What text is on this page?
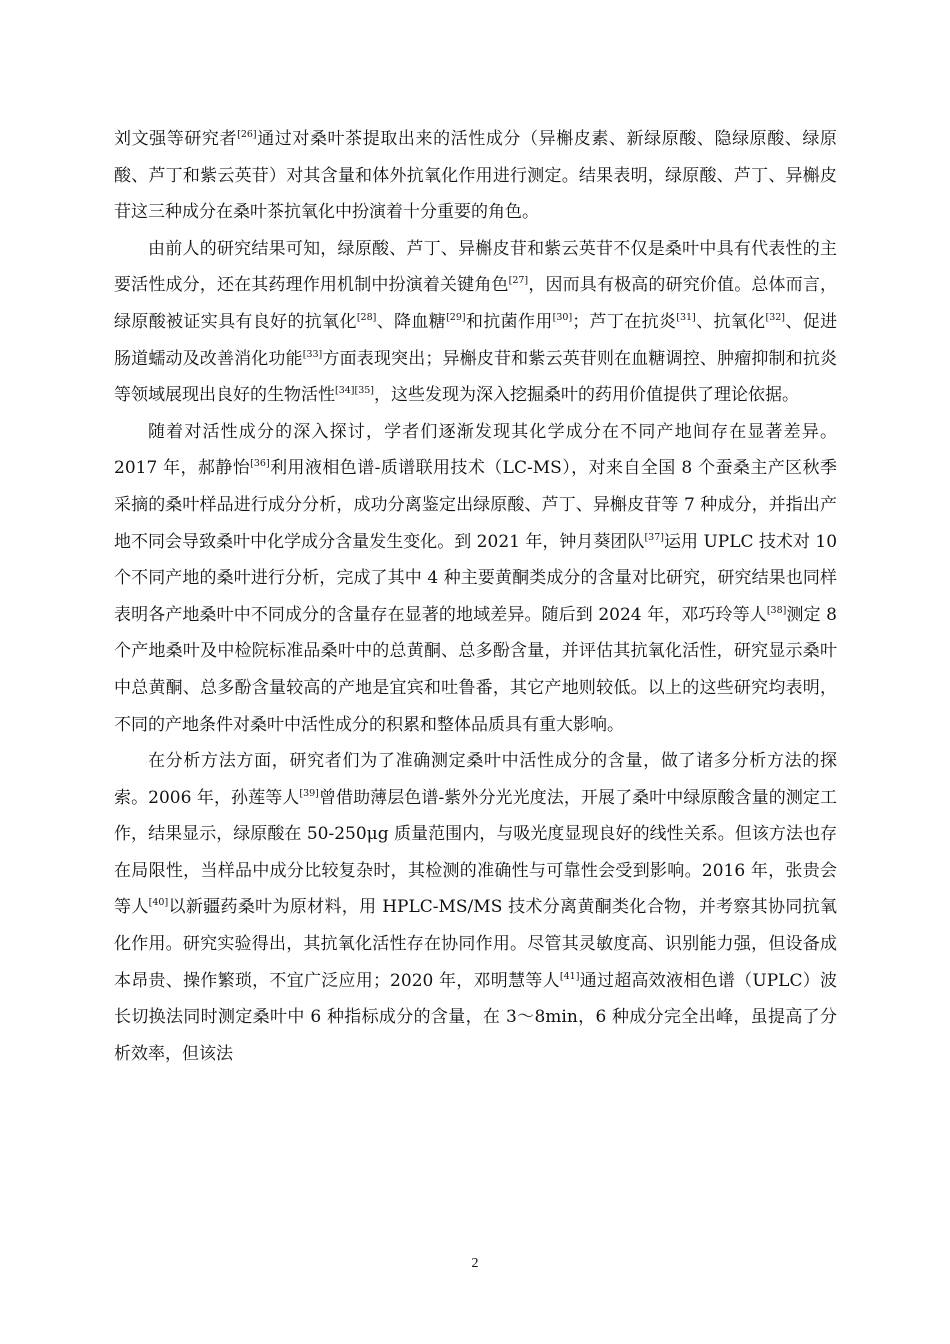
刘文强等研究者[26]通过对桑叶茶提取出来的活性成分（异槲皮素、新绿原酸、隐绿原酸、绿原酸、芦丁和紫云英苷）对其含量和体外抗氧化作用进行测定。结果表明，绿原酸、芦丁、异槲皮苷这三种成分在桑叶茶抗氧化中扮演着十分重要的角色。

由前人的研究结果可知，绿原酸、芦丁、异槲皮苷和紫云英苷不仅是桑叶中具有代表性的主要活性成分，还在其药理作用机制中扮演着关键角色[27]，因而具有极高的研究价值。总体而言，绿原酸被证实具有良好的抗氧化[28]、降血糖[29]和抗菌作用[30]；芦丁在抗炎[31]、抗氧化[32]、促进肠道蠕动及改善消化功能[33]方面表现突出；异槲皮苷和紫云英苷则在血糖调控、肿瘤抑制和抗炎等领域展现出良好的生物活性[34][35]，这些发现为深入挖掘桑叶的药用价值提供了理论依据。

随着对活性成分的深入探讨，学者们逐渐发现其化学成分在不同产地间存在显著差异。2017 年，郝静怡[36]利用液相色谱-质谱联用技术（LC-MS），对来自全国 8 个蚕桑主产区秋季采摘的桑叶样品进行成分分析，成功分离鉴定出绿原酸、芦丁、异槲皮苷等 7 种成分，并指出产地不同会导致桑叶中化学成分含量发生变化。到 2021 年，钟月葵团队[37]运用 UPLC 技术对 10 个不同产地的桑叶进行分析，完成了其中 4 种主要黄酮类成分的含量对比研究，研究结果也同样表明各产地桑叶中不同成分的含量存在显著的地域差异。随后到 2024 年，邓巧玲等人[38]测定 8 个产地桑叶及中检院标准品桑叶中的总黄酮、总多酚含量，并评估其抗氧化活性，研究显示桑叶中总黄酮、总多酚含量较高的产地是宜宾和吐鲁番，其它产地则较低。以上的这些研究均表明，不同的产地条件对桑叶中活性成分的积累和整体品质具有重大影响。

在分析方法方面，研究者们为了准确测定桑叶中活性成分的含量，做了诸多分析方法的探索。2006 年，孙莲等人[39]曾借助薄层色谱-紫外分光光度法，开展了桑叶中绿原酸含量的测定工作，结果显示，绿原酸在 50-250μg 质量范围内，与吸光度显现良好的线性关系。但该方法也存在局限性，当样品中成分比较复杂时，其检测的准确性与可靠性会受到影响。2016 年，张贵会等人[40]以新疆药桑叶为原材料，用 HPLC-MS/MS 技术分离黄酮类化合物，并考察其协同抗氧化作用。研究实验得出，其抗氧化活性存在协同作用。尽管其灵敏度高、识别能力强，但设备成本昂贵、操作繁琐，不宜广泛应用；2020 年，邓明慧等人[41]通过超高效液相色谱（UPLC）波长切换法同时测定桑叶中 6 种指标成分的含量，在 3～8min，6 种成分完全出峰，虽提高了分析效率，但该法

2
